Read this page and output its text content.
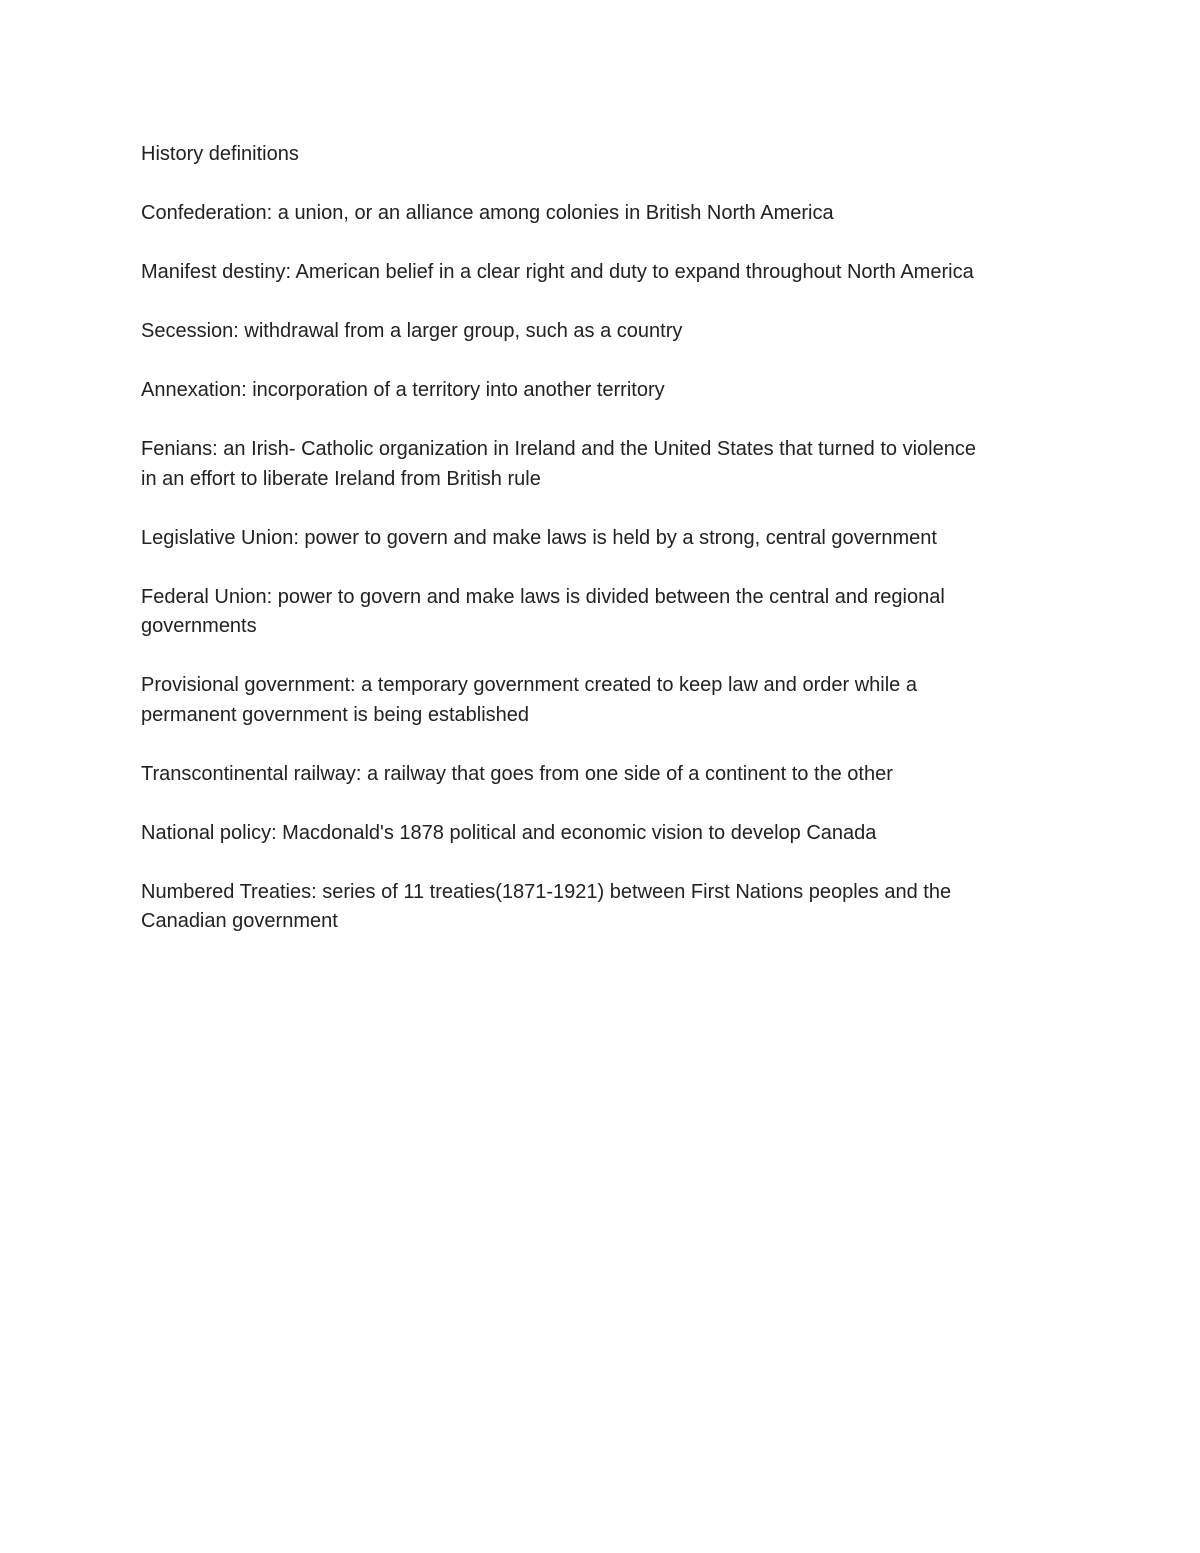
History definitions

Confederation: a union, or an alliance among colonies in British North America

Manifest destiny: American belief in a clear right and duty to expand throughout North America

Secession: withdrawal from a larger group, such as a country

Annexation: incorporation of a territory into another territory

Fenians: an Irish- Catholic organization in Ireland and the United States that turned to violence
in an effort to liberate Ireland from British rule

Legislative Union: power to govern and make laws is held by a strong, central government

Federal Union: power to govern and make laws is divided between the central and regional
governments

Provisional government: a temporary government created to keep law and order while a
permanent government is being established

Transcontinental railway: a railway that goes from one side of a continent to the other

National policy: Macdonald's 1878 political and economic vision to develop Canada

Numbered Treaties: series of 11 treaties(1871-1921) between First Nations peoples and the
Canadian government
